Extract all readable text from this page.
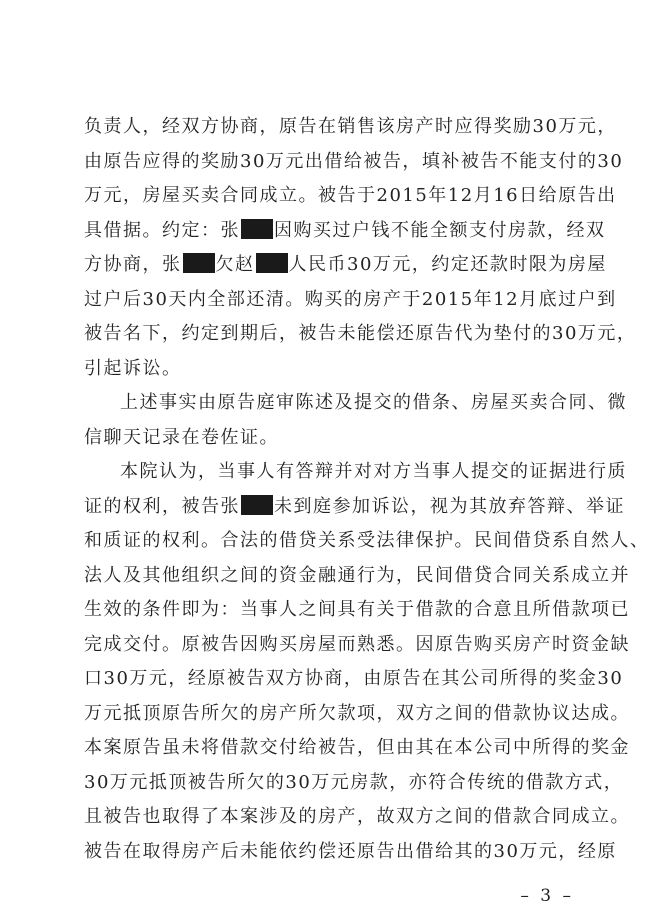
负责人，经双方协商，原告在销售该房产时应得奖励30万元，
由原告应得的奖励30万元出借给被告，填补被告不能支付的30
万元，房屋买卖合同成立。被告于2015年12月16日给原告出
具借据。约定：张 因购买过户钱不能全额支付房款，经双
方协商，张 欠赵 人民币30万元，约定还款时限为房屋
过户后30天内全部还清。购买的房产于2015年12月底过户到
被告名下，约定到期后，被告未能偿还原告代为垫付的30万元，
引起诉讼。
上述事实由原告庭审陈述及提交的借条、房屋买卖合同、微
信聊天记录在卷佐证。
本院认为，当事人有答辩并对对方当事人提交的证据进行质
证的权利，被告张 未到庭参加诉讼，视为其放弃答辩、举证
和质证的权利。合法的借贷关系受法律保护。民间借贷系自然人、
法人及其他组织之间的资金融通行为，民间借贷合同关系成立并
生效的条件即为：当事人之间具有关于借款的合意且所借款项已
完成交付。原被告因购买房屋而熟悉。因原告购买房产时资金缺
口30万元，经原被告双方协商，由原告在其公司所得的奖金30
万元抵顶原告所欠的房产所欠款项，双方之间的借款协议达成。
本案原告虽未将借款交付给被告，但由其在本公司中所得的奖金
30万元抵顶被告所欠的30万元房款，亦符合传统的借款方式，
且被告也取得了本案涉及的房产，故双方之间的借款合同成立。
被告在取得房产后未能依约偿还原告出借给其的30万元，经原
– 3 –
